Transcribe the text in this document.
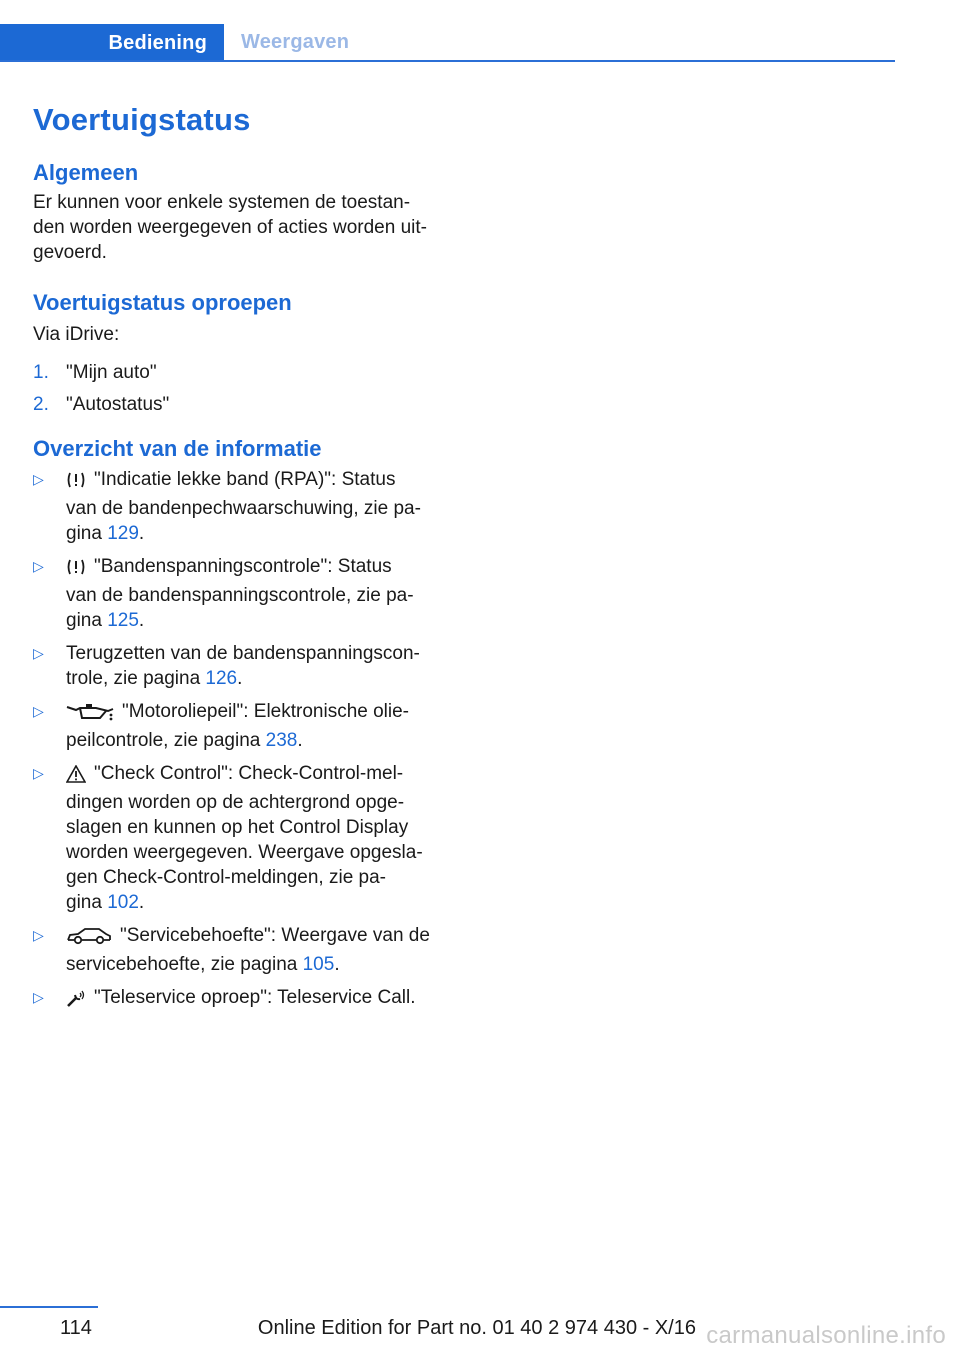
Bediening	Weergaven
Voertuigstatus
Algemeen

Er kunnen voor enkele systemen de toestan-
den worden weergegeven of acties worden uit-
gevoerd.

Voertuigstatus oproepen

Via iDrive:

1. "Mijn auto"
2. "Autostatus"
Overzicht van de informatie
▷	"Indicatie lekke band (RPA)": Status
van de bandenpechwaarschuwing, zie pa-
gina 129.
▷	"Bandenspanningscontrole": Status
van de bandenspanningscontrole, zie pa-
gina 125.
▷	Terugzetten van de bandenspanningscon-
trole, zie pagina 126.
▷	"Motoroliepeil": Elektronische olie-
peilcontrole, zie pagina 238.
▷	"Check Control": Check-Control-mel-
dingen worden op de achtergrond opge-
slagen en kunnen op het Control Display
worden weergegeven. Weergave opgesla-
gen Check-Control-meldingen, zie pa-
gina 102.
▷	"Servicebehoefte": Weergave van de
servicebehoefte, zie pagina 105.
▷	"Teleservice oproep": Teleservice Call.
114	Online Edition for Part no. 01 40 2 974 430 - X/16 carmanualsonline.info
